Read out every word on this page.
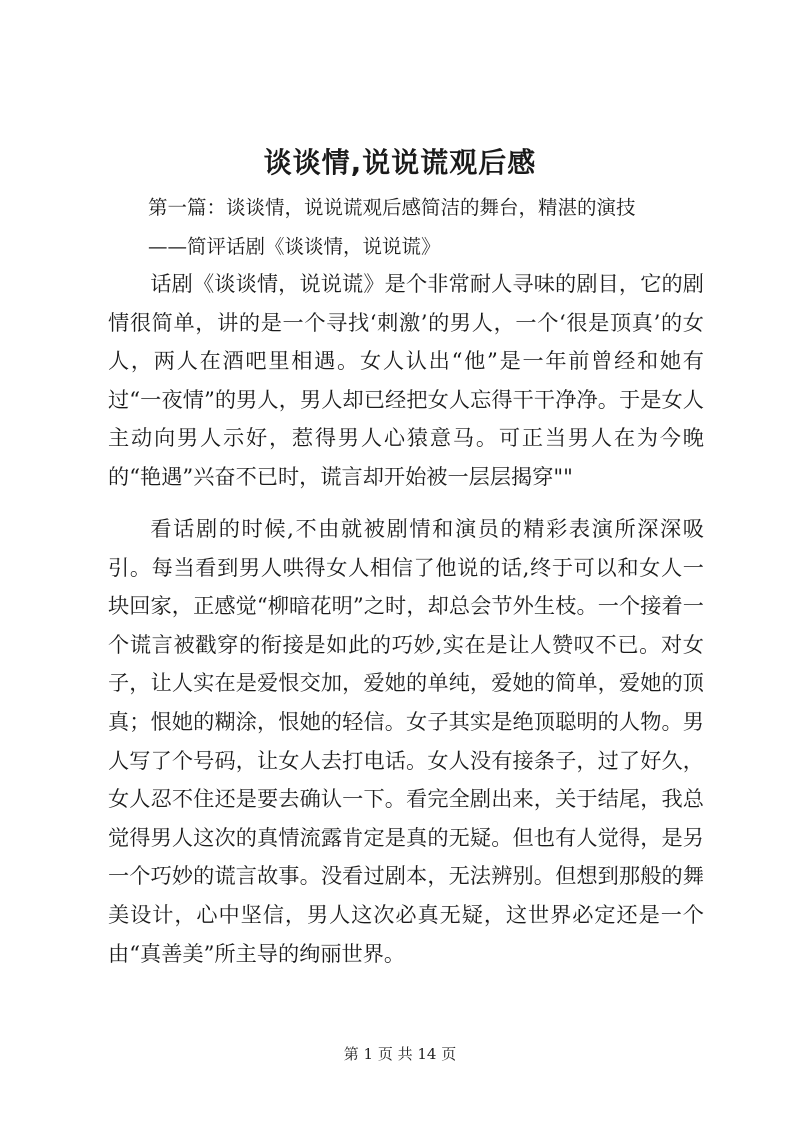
谈谈情,说说谎观后感
第一篇：谈谈情，说说谎观后感简洁的舞台，精湛的演技
——简评话剧《谈谈情，说说谎》

话剧《谈谈情，说说谎》是个非常耐人寻味的剧目，它的剧情很简单，讲的是一个寻找‘刺激’的男人，一个‘很是顶真’的女人，两人在酒吧里相遇。女人认出“他”是一年前曾经和她有过“一夜情”的男人，男人却已经把女人忘得干干净净。于是女人主动向男人示好，惹得男人心猿意马。可正当男人在为今晚的“艳遇”兴奋不已时，谎言却开始被一层层揭穿""

看话剧的时候,不由就被剧情和演员的精彩表演所深深吸引。每当看到男人哄得女人相信了他说的话,终于可以和女人一块回家，正感觉“柳暗花明”之时，却总会节外生枝。一个接着一个谎言被戳穿的衔接是如此的巧妙,实在是让人赞叹不已。对女子，让人实在是爱恨交加，爱她的单纯，爱她的简单，爱她的顶真；恨她的糊涂，恨她的轻信。女子其实是绝顶聪明的人物。男人写了个号码，让女人去打电话。女人没有接条子，过了好久，女人忍不住还是要去确认一下。看完全剧出来，关于结尾，我总觉得男人这次的真情流露肯定是真的无疑。但也有人觉得，是另一个巧妙的谎言故事。没看过剧本，无法辨别。但想到那般的舞美设计，心中坚信，男人这次必真无疑，这世界必定还是一个由“真善美”所主导的绚丽世界。

第 1 页 共 14 页
